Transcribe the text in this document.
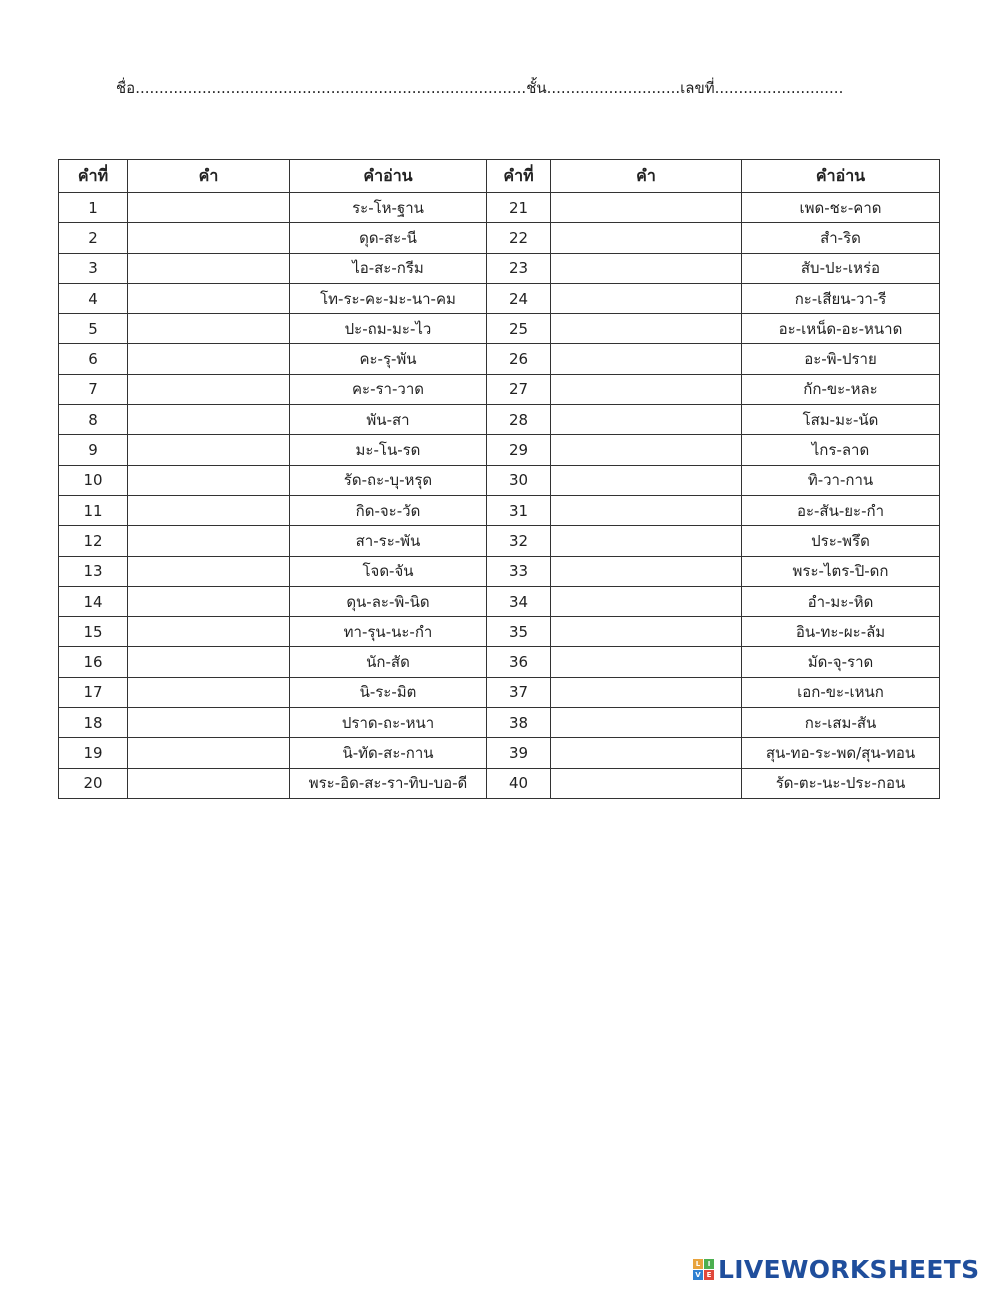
ชื่อ..................................................................................ชั้น............................เลขที่...........................
คำที่	คำ	คำอ่าน	คำที่	คำ	คำอ่าน
1		ระ-โห-ฐาน	21		เพด-ชะ-คาด
2		ดุด-สะ-นี	22		สำ-ริด
3		ไอ-สะ-กรีม	23		สับ-ปะ-เหร่อ
4		โท-ระ-คะ-มะ-นา-คม	24		กะ-เสียน-วา-รี
5		ปะ-ถม-มะ-ไว	25		อะ-เหน็ด-อะ-หนาด
6		คะ-รุ-พัน	26		อะ-พิ-ปราย
7		คะ-รา-วาด	27		กัก-ขะ-หละ
8		พัน-สา	28		โสม-มะ-นัด
9		มะ-โน-รด	29		ไกร-ลาด
10		รัด-ถะ-บุ-หรุด	30		ทิ-วา-กาน
11		กิด-จะ-วัด	31		อะ-สัน-ยะ-กำ
12		สา-ระ-พัน	32		ประ-พรึด
13		โจด-จัน	33		พระ-ไตร-ปิ-ดก
14		ดุน-ละ-พิ-นิด	34		อำ-มะ-หิด
15		ทา-รุน-นะ-กำ	35		อิน-ทะ-ผะ-ลัม
16		นัก-สัด	36		มัด-จุ-ราด
17		นิ-ระ-มิต	37		เอก-ขะ-เหนก
18		ปราด-ถะ-หนา	38		กะ-เสม-สัน
19		นิ-ทัด-สะ-กาน	39		สุน-ทอ-ระ-พด/สุน-ทอน
20		พระ-อิด-สะ-รา-ทิบ-บอ-ดี	40		รัด-ตะ-นะ-ประ-กอน
L	I
V E LIVEWORKSHEETS
